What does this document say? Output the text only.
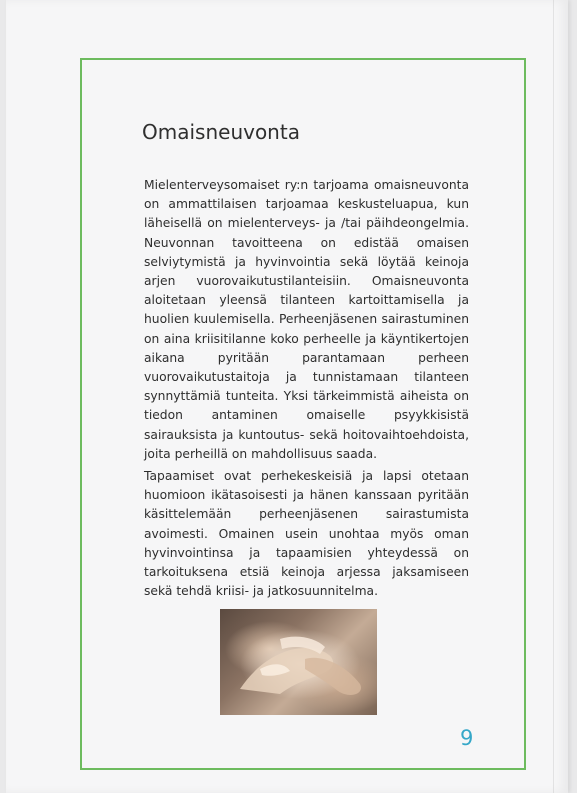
Omaisneuvonta

Mielenterveysomaiset ry:n tarjoama omaisneuvonta on ammattilaisen tarjoamaa keskusteluapua, kun läheisellä on mielenterveys- ja /tai päihdeongelmia. Neuvonnan tavoitteena on edistää omaisen selviytymistä ja hyvinvointia sekä löytää keinoja arjen vuorovaikutustilanteisiin. Omaisneuvonta aloitetaan yleensä tilanteen kartoittamisella ja huolien kuulemisella. Perheenjäsenen sairastuminen on aina kriisitilanne koko perheelle ja käyntikertojen aikana pyritään parantamaan perheen vuorovaikutustaitoja ja tunnistamaan tilanteen synnyttämiä tunteita. Yksi tärkeimmistä aiheista on tiedon antaminen omaiselle psyykkisistä sairauksista ja kuntoutus- sekä hoitovaihtoehdoista, joita perheillä on mahdollisuus saada.

Tapaamiset ovat perhekeskeisiä ja lapsi otetaan huomioon ikätasoisesti ja hänen kanssaan pyritään käsittelemään perheenjäsenen sairastumista avoimesti. Omainen usein unohtaa myös oman hyvinvointinsa ja tapaamisien yhteydessä on tarkoituksena etsiä keinoja arjessa jaksamiseen sekä tehdä kriisi- ja jatkosuunnitelma.

9
